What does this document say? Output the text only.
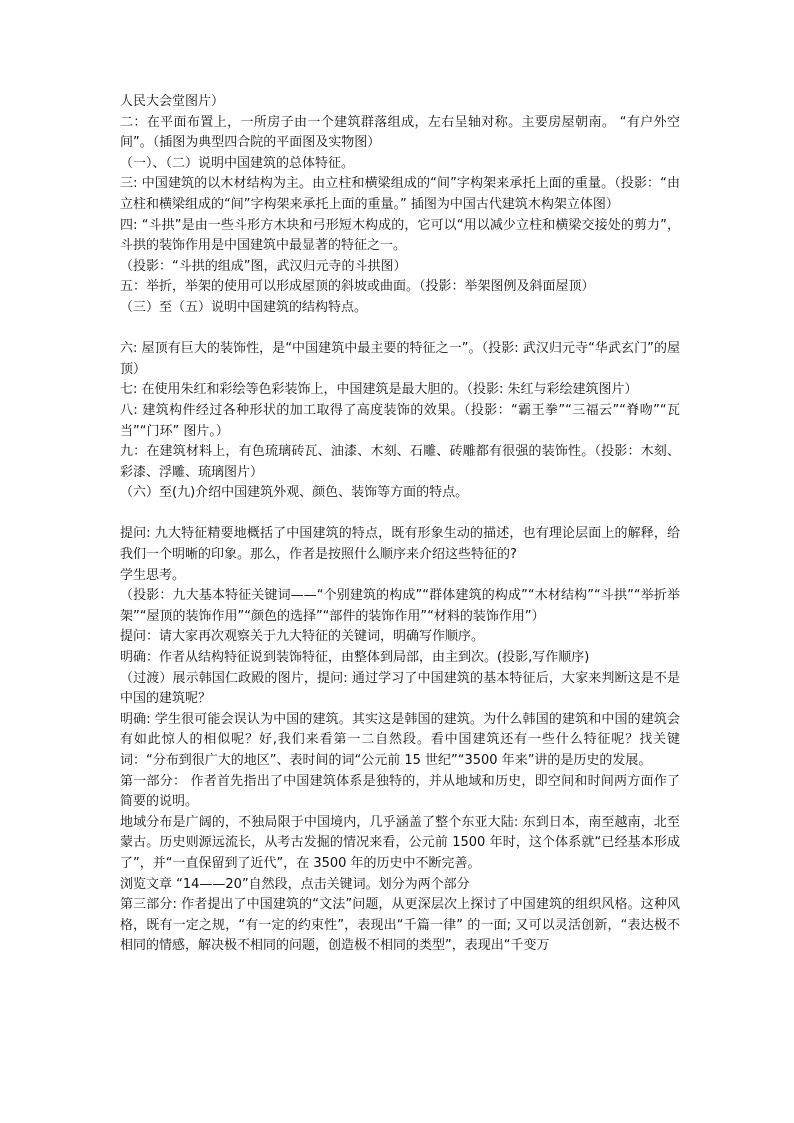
人民大会堂图片）

二：在平面布置上，一所房子由一个建筑群落组成，左右呈轴对称。主要房屋朝南。 “有户外空间”。（插图为典型四合院的平面图及实物图）

（一）、（二）说明中国建筑的总体特征。

三: 中国建筑的以木材结构为主。由立柱和横梁组成的“间”字构架来承托上面的重量。（投影：“由立柱和横梁组成的“间”字构架来承托上面的重量。” 插图为中国古代建筑木构架立体图）

四: “斗拱”是由一些斗形方木块和弓形短木构成的，它可以“用以减少立柱和横梁交接处的剪力”，斗拱的装饰作用是中国建筑中最显著的特征之一。

（投影：“斗拱的组成”图，武汉归元寺的斗拱图）

五：举折，举架的使用可以形成屋顶的斜坡或曲面。（投影：举架图例及斜面屋顶）

（三）至（五）说明中国建筑的结构特点。

六: 屋顶有巨大的装饰性，是“中国建筑中最主要的特征之一”。（投影: 武汉归元寺“华武玄门”的屋顶）

七: 在使用朱红和彩绘等色彩装饰上，中国建筑是最大胆的。（投影: 朱红与彩绘建筑图片）

八: 建筑构件经过各种形状的加工取得了高度装饰的效果。（投影：“霸王拳”“三福云”“脊吻”“瓦当”“门环” 图片。）

九：在建筑材料上，有色琉璃砖瓦、油漆、木刻、石雕、砖雕都有很强的装饰性。（投影：木刻、彩漆、浮雕、琉璃图片）

（六）至(九)介绍中国建筑外观、颜色、装饰等方面的特点。

提问: 九大特征精要地概括了中国建筑的特点，既有形象生动的描述，也有理论层面上的解释，给我们一个明晰的印象。那么，作者是按照什么顺序来介绍这些特征的?

学生思考。

（投影：九大基本特征关键词——“个别建筑的构成”“群体建筑的构成”“木材结构”“斗拱”“举折举架”“屋顶的装饰作用”“颜色的选择”“部件的装饰作用”“材料的装饰作用”）

提问：请大家再次观察关于九大特征的关键词，明确写作顺序。

明确：作者从结构特征说到装饰特征，由整体到局部，由主到次。(投影,写作顺序)

（过渡）展示韩国仁政殿的图片，提问: 通过学习了中国建筑的基本特征后，大家来判断这是不是中国的建筑呢？

明确: 学生很可能会误认为中国的建筑。其实这是韩国的建筑。为什么韩国的建筑和中国的建筑会有如此惊人的相似呢？好,我们来看第一二自然段。看中国建筑还有一些什么特征呢？找关键词：“分布到很广大的地区”、表时间的词“公元前 15 世纪”“3500 年来”讲的是历史的发展。

第一部分： 作者首先指出了中国建筑体系是独特的，并从地域和历史，即空间和时间两方面作了简要的说明。

地域分布是广阔的，不独局限于中国境内，几乎涵盖了整个东亚大陆: 东到日本，南至越南，北至蒙古。历史则源远流长，从考古发掘的情况来看，公元前 1500 年时，这个体系就“已经基本形成了”，并“一直保留到了近代”，在 3500 年的历史中不断完善。

浏览文章 “14——20”自然段，点击关键词。划分为两个部分

第三部分: 作者提出了中国建筑的“文法”问题，从更深层次上探讨了中国建筑的组织风格。这种风格，既有一定之规，“有一定的约束性”，表现出“千篇一律” 的一面; 又可以灵活创新，“表达极不相同的情感，解决极不相同的问题，创造极不相同的类型”，表现出“千变万
